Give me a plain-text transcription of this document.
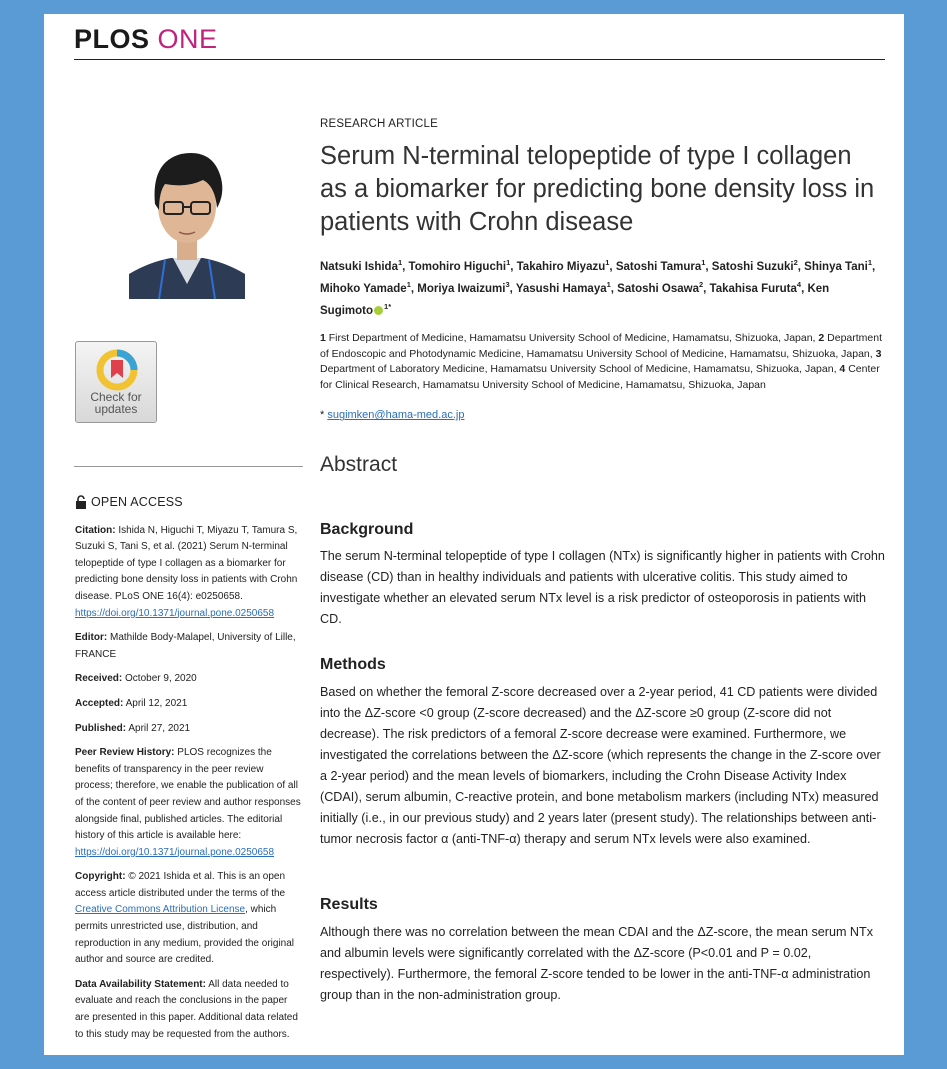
PLOS ONE
Check for
updates
OPEN ACCESS
Citation: Ishida N, Higuchi T, Miyazu T, Tamura S, Suzuki S, Tani S, et al. (2021) Serum N-terminal telopeptide of type I collagen as a biomarker for predicting bone density loss in patients with Crohn disease. PLoS ONE 16(4): e0250658. https://doi.org/10.1371/journal.pone.0250658
Editor: Mathilde Body-Malapel, University of Lille, FRANCE
Received: October 9, 2020
Accepted: April 12, 2021
Published: April 27, 2021
Peer Review History: PLOS recognizes the benefits of transparency in the peer review process; therefore, we enable the publication of all of the content of peer review and author responses alongside final, published articles. The editorial history of this article is available here: https://doi.org/10.1371/journal.pone.0250658
Copyright: © 2021 Ishida et al. This is an open access article distributed under the terms of the Creative Commons Attribution License, which permits unrestricted use, distribution, and reproduction in any medium, provided the original author and source are credited.
Data Availability Statement: All data needed to evaluate and reach the conclusions in the paper are presented in this paper. Additional data related to this study may be requested from the authors.
RESEARCH ARTICLE
Serum N-terminal telopeptide of type I collagen as a biomarker for predicting bone density loss in patients with Crohn disease
Natsuki Ishida$^1$, Tomohiro Higuchi$^1$, Takahiro Miyazu$^1$, Satoshi Tamura$^1$, Satoshi Suzuki$^2$, Shinya Tani$^1$, Mihoko Yamade$^1$, Moriya Iwaizumi$^3$, Yasushi Hamaya$^1$, Satoshi Osawa$^2$, Takahisa Furuta$^4$, Ken Sugimoto $^{1*}$
1 First Department of Medicine, Hamamatsu University School of Medicine, Hamamatsu, Shizuoka, Japan, 2 Department of Endoscopic and Photodynamic Medicine, Hamamatsu University School of Medicine, Hamamatsu, Shizuoka, Japan, 3 Department of Laboratory Medicine, Hamamatsu University School of Medicine, Hamamatsu, Shizuoka, Japan, 4 Center for Clinical Research, Hamamatsu University School of Medicine, Hamamatsu, Shizuoka, Japan
* sugimken@hama-med.ac.jp
Abstract
Background

The serum N-terminal telopeptide of type I collagen (NTx) is significantly higher in patients with Crohn disease (CD) than in healthy individuals and patients with ulcerative colitis. This study aimed to investigate whether an elevated serum NTx level is a risk predictor of osteoporosis in patients with CD.

Methods

Based on whether the femoral Z-score decreased over a 2-year period, 41 CD patients were divided into the ΔZ-score <0 group (Z-score decreased) and the ΔZ-score ≥0 group (Z-score did not decrease). The risk predictors of a femoral Z-score decrease were examined. Furthermore, we investigated the correlations between the ΔZ-score (which represents the change in the Z-score over a 2-year period) and the mean levels of biomarkers, including the Crohn Disease Activity Index (CDAI), serum albumin, C-reactive protein, and bone metabolism markers (including NTx) measured initially (i.e., in our previous study) and 2 years later (present study). The relationships between anti-tumor necrosis factor α (anti-TNF-α) therapy and serum NTx levels were also examined.

Results

Although there was no correlation between the mean CDAI and the ΔZ-score, the mean serum NTx and albumin levels were significantly correlated with the ΔZ-score (P<0.01 and P = 0.02, respectively). Furthermore, the femoral Z-score tended to be lower in the anti-TNF-α administration group than in the non-administration group.
